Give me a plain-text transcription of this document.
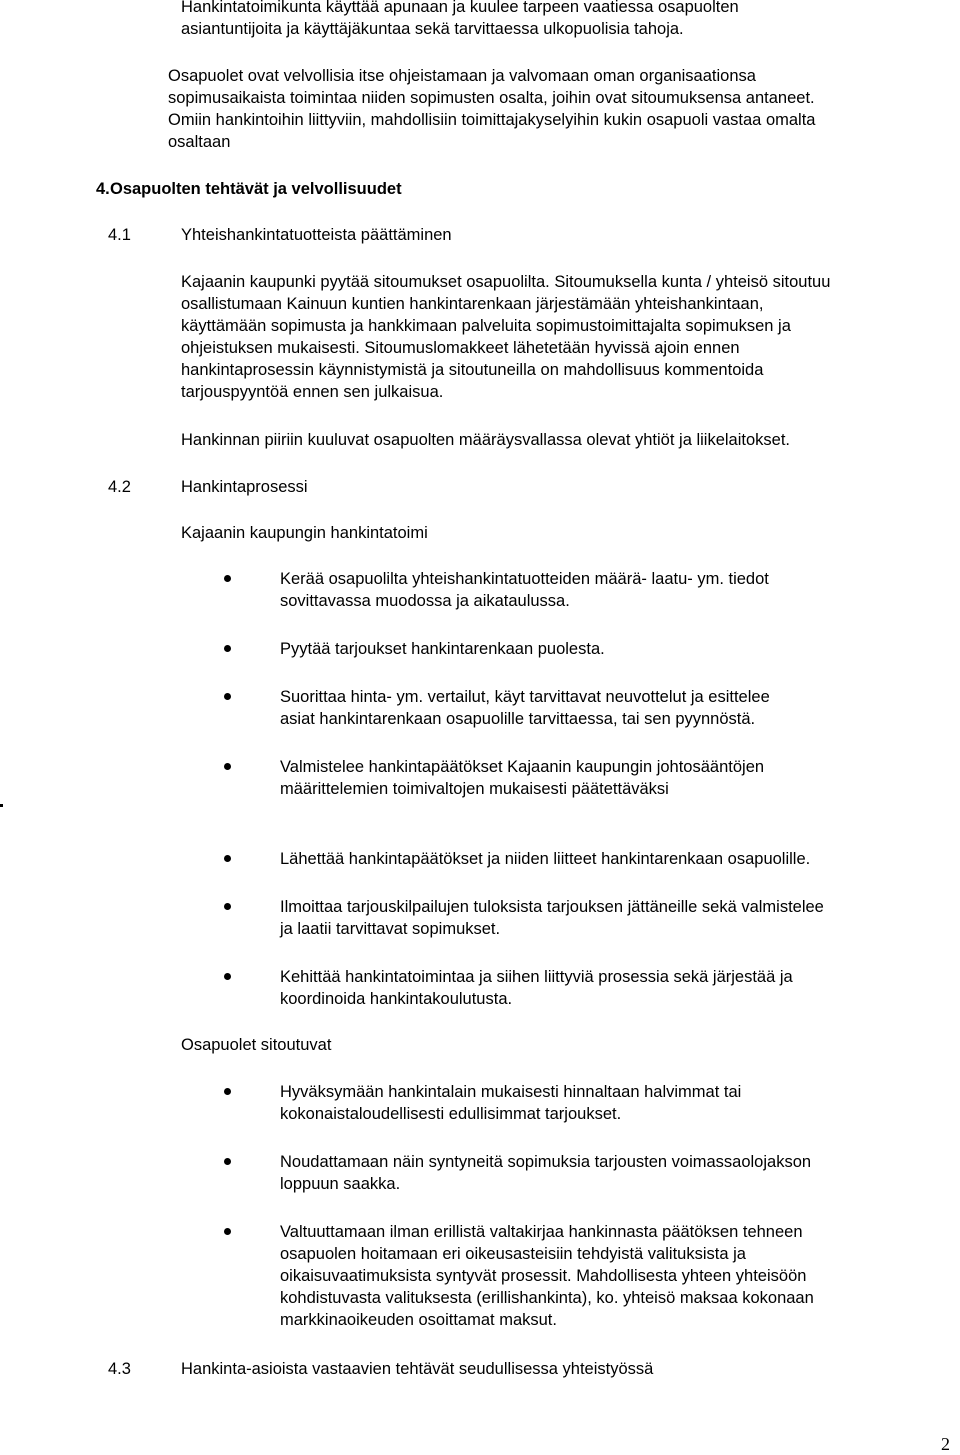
Hankintatoimikunta käyttää apunaan ja kuulee tarpeen vaatiessa osapuolten
asiantuntijoita ja käyttäjäkuntaa sekä tarvittaessa ulkopuolisia tahoja.
Osapuolet ovat velvollisia itse ohjeistamaan ja valvomaan oman organisaationsa
sopimusaikaista toimintaa niiden sopimusten osalta, joihin ovat sitoumuksensa antaneet.
Omiin hankintoihin liittyviin, mahdollisiin toimittajakyselyihin kukin osapuoli vastaa omalta
osaltaan
4. Osapuolten tehtävät ja velvollisuudet
4.1	Yhteishankintatuotteista päättäminen
Kajaanin kaupunki pyytää sitoumukset osapuolilta. Sitoumuksella kunta / yhteisö sitoutuu
osallistumaan Kainuun kuntien hankintarenkaan järjestämään yhteishankintaan,
käyttämään sopimusta ja hankkimaan palveluita sopimustoimittajalta sopimuksen ja
ohjeistuksen mukaisesti. Sitoumuslomakkeet lähetetään hyvissä ajoin ennen
hankintaprosessin käynnistymistä ja sitoutuneilla on mahdollisuus kommentoida
tarjouspyyntöä ennen sen julkaisua.
Hankinnan piiriin kuuluvat osapuolten määräysvallassa olevat yhtiöt ja liikelaitokset.
4.2	Hankintaprosessi
Kajaanin kaupungin hankintatoimi
Kerää osapuolilta yhteishankintatuotteiden määrä- laatu- ym. tiedot
sovittavassa muodossa ja aikataulussa.
Pyytää tarjoukset hankintarenkaan puolesta.
Suorittaa hinta- ym. vertailut, käyt tarvittavat neuvottelut ja esittelee
asiat hankintarenkaan osapuolille tarvittaessa, tai sen pyynnöstä.
Valmistelee hankintapäätökset Kajaanin kaupungin johtosääntöjen
määrittelemien toimivaltojen mukaisesti päätettäväksi
Lähettää hankintapäätökset ja niiden liitteet hankintarenkaan osapuolille.
Ilmoittaa tarjouskilpailujen tuloksista tarjouksen jättäneille sekä valmistelee
ja laatii tarvittavat sopimukset.
Kehittää hankintatoimintaa ja siihen liittyviä prosessia sekä järjestää ja
koordinoida hankintakoulutusta.
Osapuolet sitoutuvat
Hyväksymään hankintalain mukaisesti hinnaltaan halvimmat tai
kokonaistaloudellisesti edullisimmat tarjoukset.
Noudattamaan näin syntyneitä sopimuksia tarjousten voimassaolojakson
loppuun saakka.
Valtuuttamaan ilman erillistä valtakirjaa hankinnasta päätöksen tehneen
osapuolen hoitamaan eri oikeusasteisiin tehdyistä valituksista ja
oikaisuvaatimuksista syntyvät prosessit. Mahdollisesta yhteen yhteisöön
kohdistuvasta valituksesta (erillishankinta), ko. yhteisö maksaa kokonaan
markkinaoikeuden osoittamat maksut.
4.3	Hankinta-asioista vastaavien tehtävät seudullisessa yhteistyössä
2
